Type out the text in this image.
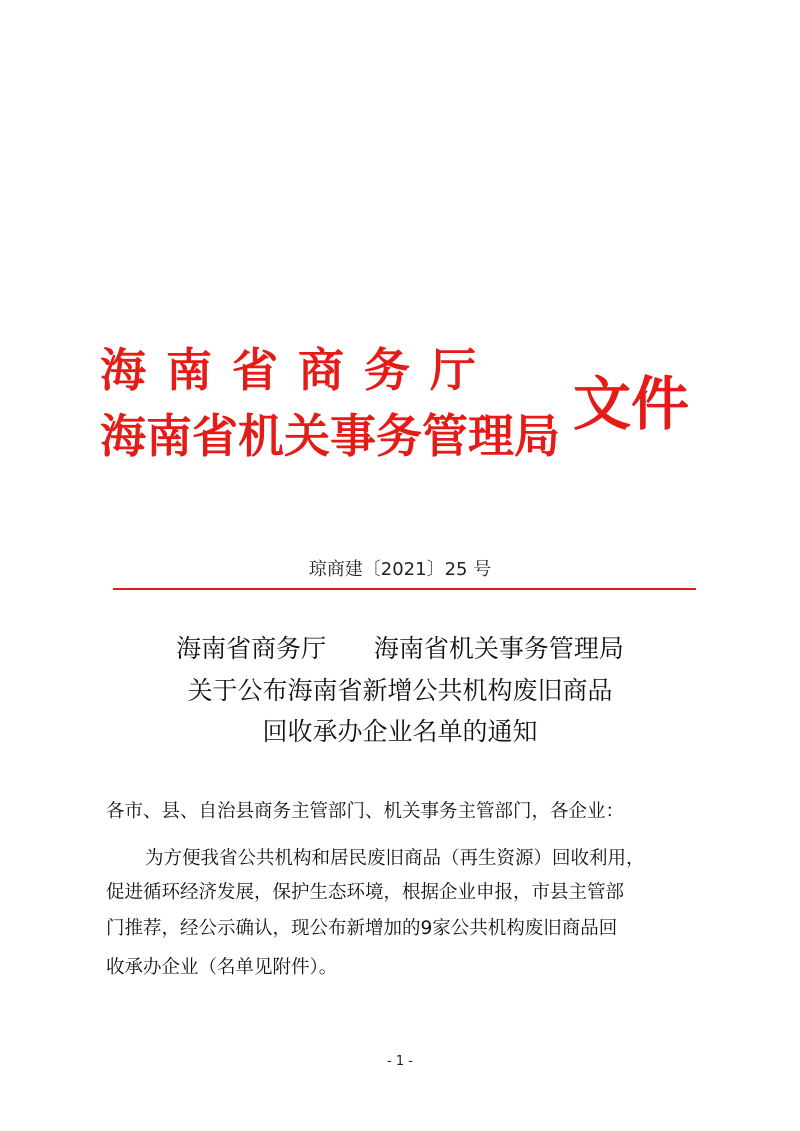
海南省商务厅
海南省机关事务管理局 文件
琼商建〔2021〕25 号
海南省商务厅      海南省机关事务管理局
关于公布海南省新增公共机构废旧商品
回收承办企业名单的通知
各市、县、自治县商务主管部门、机关事务主管部门，各企业：
为方便我省公共机构和居民废旧商品（再生资源）回收利用，
促进循环经济发展，保护生态环境，根据企业申报，市县主管部
门推荐，经公示确认，现公布新增加的9家公共机构废旧商品回
收承办企业（名单见附件）。
- 1 -
